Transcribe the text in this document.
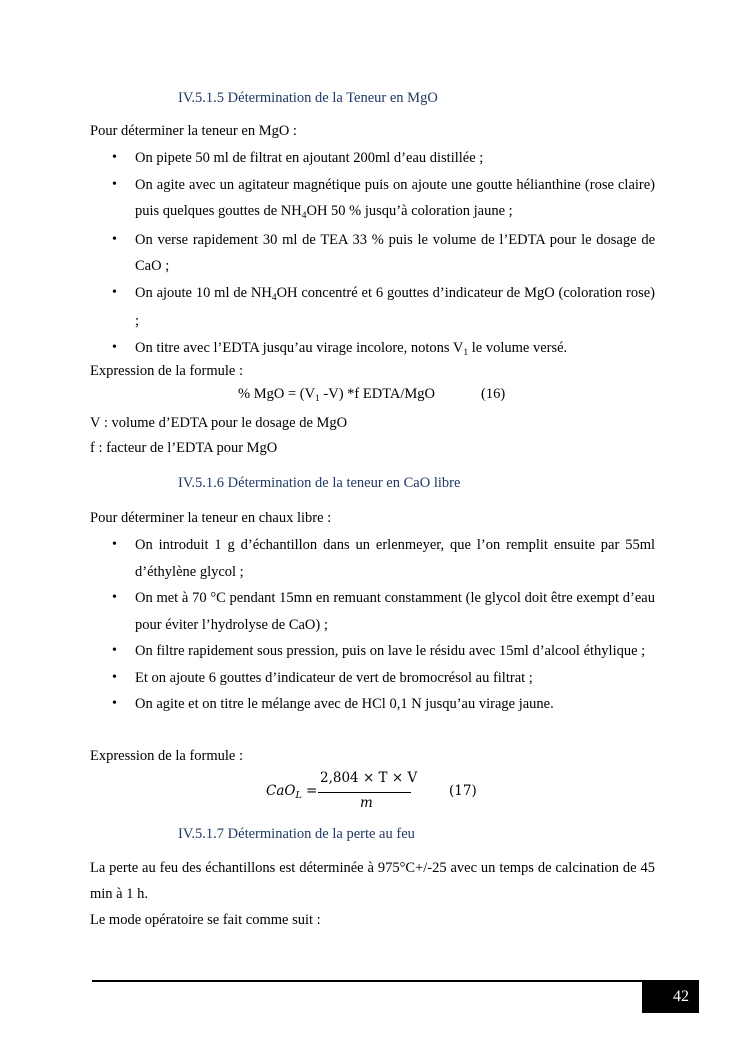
IV.5.1.5 Détermination de la Teneur en MgO
Pour déterminer la teneur en MgO :
• On pipete 50 ml de filtrat en ajoutant 200ml d’eau distillée ;
• On agite avec un agitateur magnétique puis on ajoute une goutte hélianthine (rose claire) puis quelques gouttes de $NH_4OH$ 50 % jusqu’à coloration jaune ;
• On verse rapidement 30 ml de TEA 33 % puis le volume de l’EDTA pour le dosage de CaO ;
• On ajoute 10 ml de $NH_4OH$ concentré et 6 gouttes d’indicateur de MgO (coloration rose) ;
• On titre avec l’EDTA jusqu’au virage incolore, notons $V_1$ le volume versé.
Expression de la formule :
% MgO = ($V_1$ -V) *f EDTA/MgO	(16)
V : volume d’EDTA pour le dosage de MgO
f : facteur de l’EDTA pour MgO
IV.5.1.6 Détermination de la teneur en CaO libre
Pour déterminer la teneur en chaux libre :
• On introduit 1 g d’échantillon dans un erlenmeyer, que l’on remplit ensuite par 55ml d’éthylène glycol ;
• On met à 70 °C pendant 15mn en remuant constamment (le glycol doit être exempt d’eau pour éviter l’hydrolyse de CaO) ;
• On filtre rapidement sous pression, puis on lave le résidu avec 15ml d’alcool éthylique ;
• Et on ajoute 6 gouttes d’indicateur de vert de bromocrésol au filtrat ;
• On agite et on titre le mélange avec de HCl 0,1 N jusqu’au virage jaune.
Expression de la formule :
CaO$_L$ =
2,804 × T × V
m
(17)
IV.5.1.7 Détermination de la perte au feu
La perte au feu des échantillons est déterminée à 975°C+/-25 avec un temps de calcination de 45 min à 1 h.
Le mode opératoire se fait comme suit :
42
